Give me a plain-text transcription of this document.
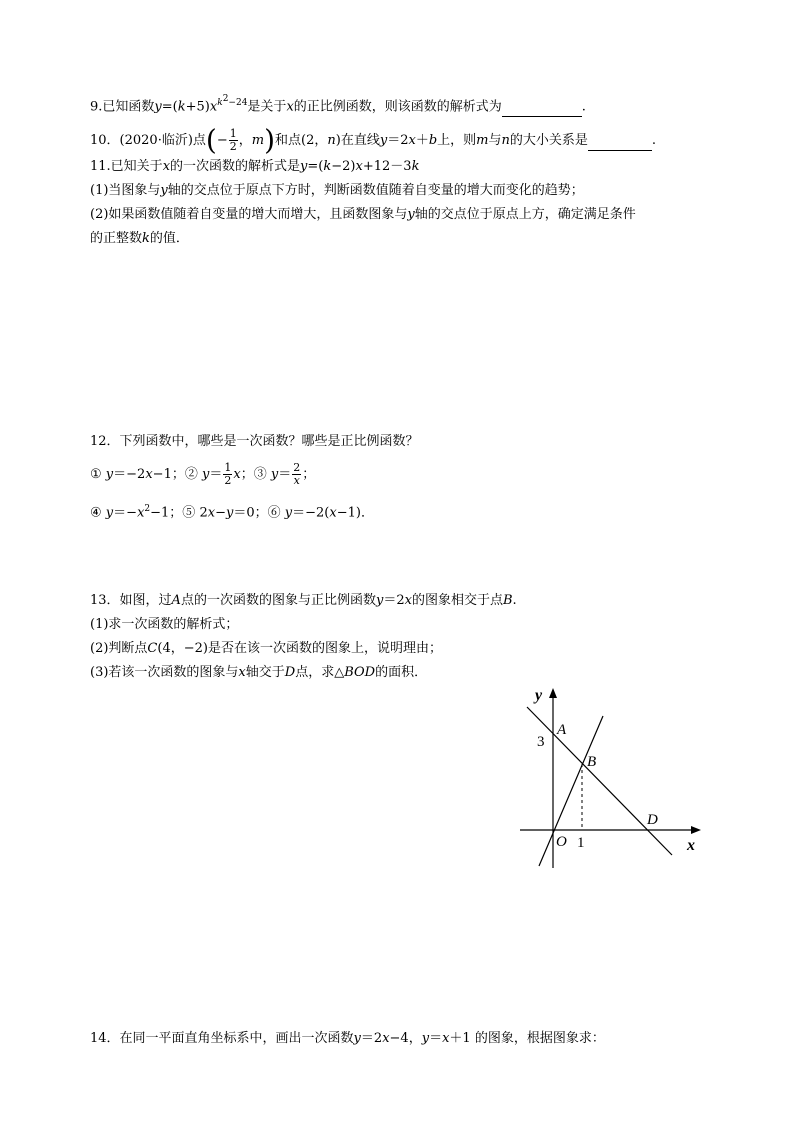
9.已知函数$y=(k+5)x^{k^2-24}$是关于x的正比例函数，则该函数的解析式为	.
10．(2020·临沂)点(− $\frac{1}{2}$ ，m)和点(2，n)在直线y＝2x＋b上，则m与n的大小关系是	.
11.已知关于x的一次函数的解析式是y=(k−2)x+12－3k
(1)当图象与y轴的交点位于原点下方时，判断函数值随着自变量的增大而变化的趋势；
(2)如果函数值随着自变量的增大而增大，且函数图象与y轴的交点位于原点上方，确定满足条件
的正整数k的值．
12．下列函数中，哪些是一次函数？哪些是正比例函数？
① y＝−2x−1；② $y= \frac{1}{2}$ x；③ $y= \frac{2}{x}$ ；
④ $y=-x^2-1$；⑤ 2x−y＝0；⑥ y＝−2(x−1)．
13．如图，过A点的一次函数的图象与正比例函数y＝2x的图象相交于点B.
(1)求一次函数的解析式；
(2)判断点C(4，−2)是否在该一次函数的图象上，说明理由；
(3)若该一次函数的图象与x轴交于D点，求△BOD的面积．
y
x
A
B
D
O
3
1
14．在同一平面直角坐标系中，画出一次函数y＝2x−4，y＝x＋1 的图象，根据图象求：
